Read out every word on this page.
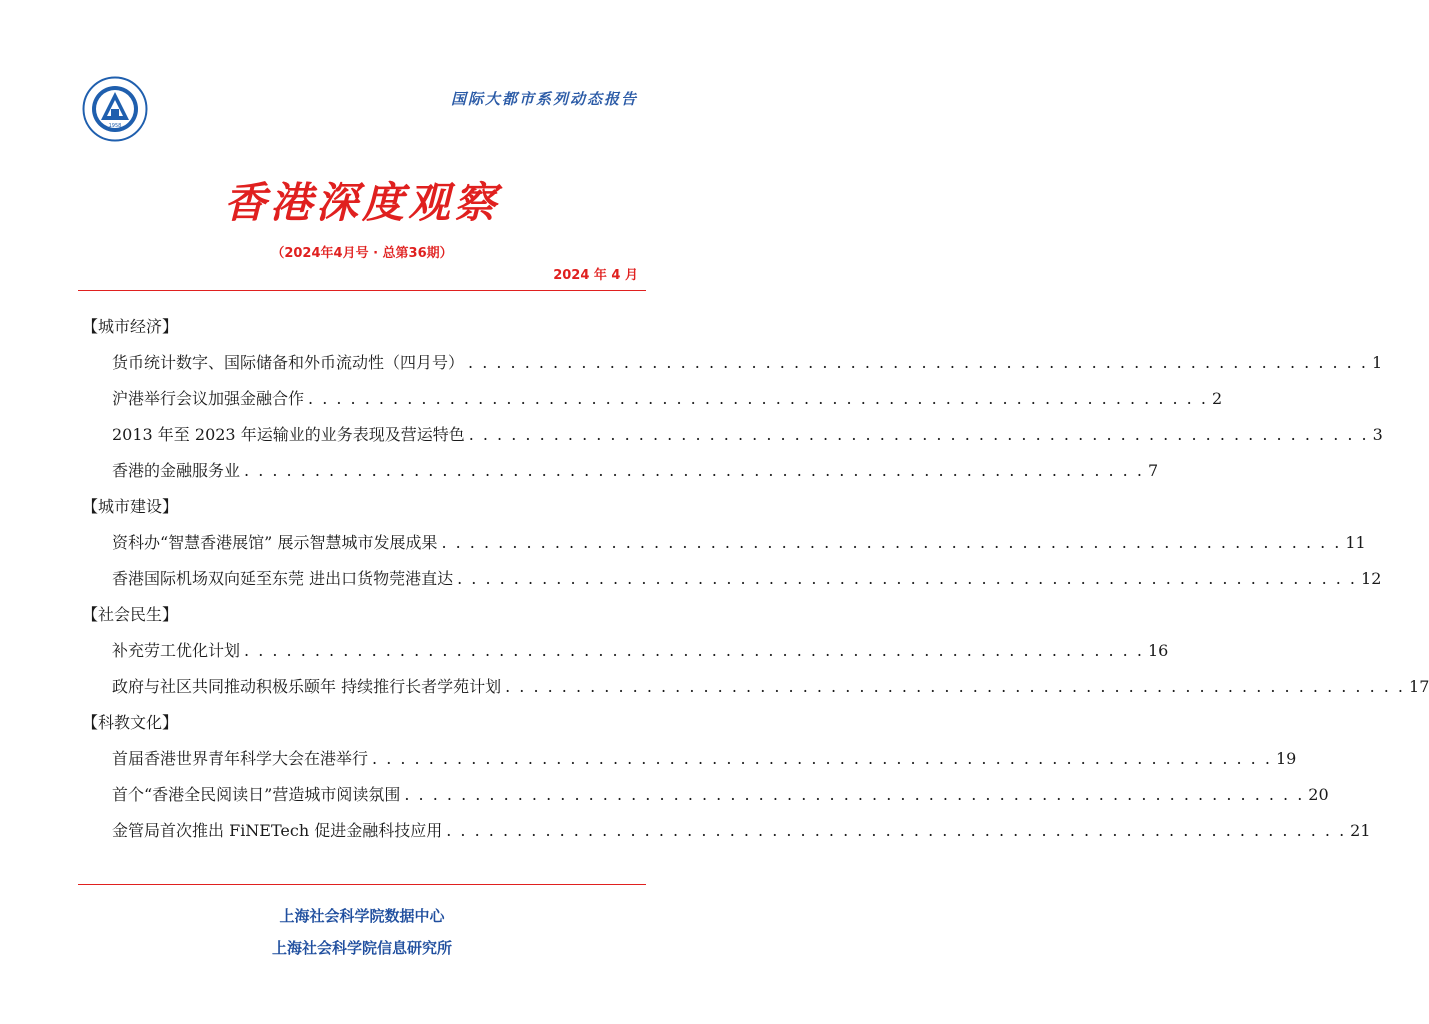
1958
国际大都市系列动态报告
香港深度观察
（2024年4月号 · 总第36期）
2024 年 4 月
【城市经济】
货币统计数字、国际储备和外币流动性（四月号） . . . . . . . . . . . . . . . . . . . . . . . . . . . . . . . . . . . . . . . . . . . . . . . . . . . . . . . . . . . . . . . . 1
沪港举行会议加强金融合作 . . . . . . . . . . . . . . . . . . . . . . . . . . . . . . . . . . . . . . . . . . . . . . . . . . . . . . . . . . . . . . . . 2
2013 年至 2023 年运输业的业务表现及营运特色 . . . . . . . . . . . . . . . . . . . . . . . . . . . . . . . . . . . . . . . . . . . . . . . . . . . . . . . . . . . . . . . . 3
香港的金融服务业 . . . . . . . . . . . . . . . . . . . . . . . . . . . . . . . . . . . . . . . . . . . . . . . . . . . . . . . . . . . . . . . . 7
【城市建设】
资科办“智慧香港展馆” 展示智慧城市发展成果 . . . . . . . . . . . . . . . . . . . . . . . . . . . . . . . . . . . . . . . . . . . . . . . . . . . . . . . . . . . . . . . . 11
香港国际机场双向延至东莞 进出口货物莞港直达 . . . . . . . . . . . . . . . . . . . . . . . . . . . . . . . . . . . . . . . . . . . . . . . . . . . . . . . . . . . . . . . . 12
【社会民生】
补充劳工优化计划 . . . . . . . . . . . . . . . . . . . . . . . . . . . . . . . . . . . . . . . . . . . . . . . . . . . . . . . . . . . . . . . . 16
政府与社区共同推动积极乐颐年 持续推行长者学苑计划 . . . . . . . . . . . . . . . . . . . . . . . . . . . . . . . . . . . . . . . . . . . . . . . . . . . . . . . . . . . . . . . . 17
【科教文化】
首届香港世界青年科学大会在港举行 . . . . . . . . . . . . . . . . . . . . . . . . . . . . . . . . . . . . . . . . . . . . . . . . . . . . . . . . . . . . . . . . 19
首个“香港全民阅读日”营造城市阅读氛围 . . . . . . . . . . . . . . . . . . . . . . . . . . . . . . . . . . . . . . . . . . . . . . . . . . . . . . . . . . . . . . . . 20
金管局首次推出 FiNETech 促进金融科技应用 . . . . . . . . . . . . . . . . . . . . . . . . . . . . . . . . . . . . . . . . . . . . . . . . . . . . . . . . . . . . . . . . 21
上海社会科学院数据中心
上海社会科学院信息研究所
